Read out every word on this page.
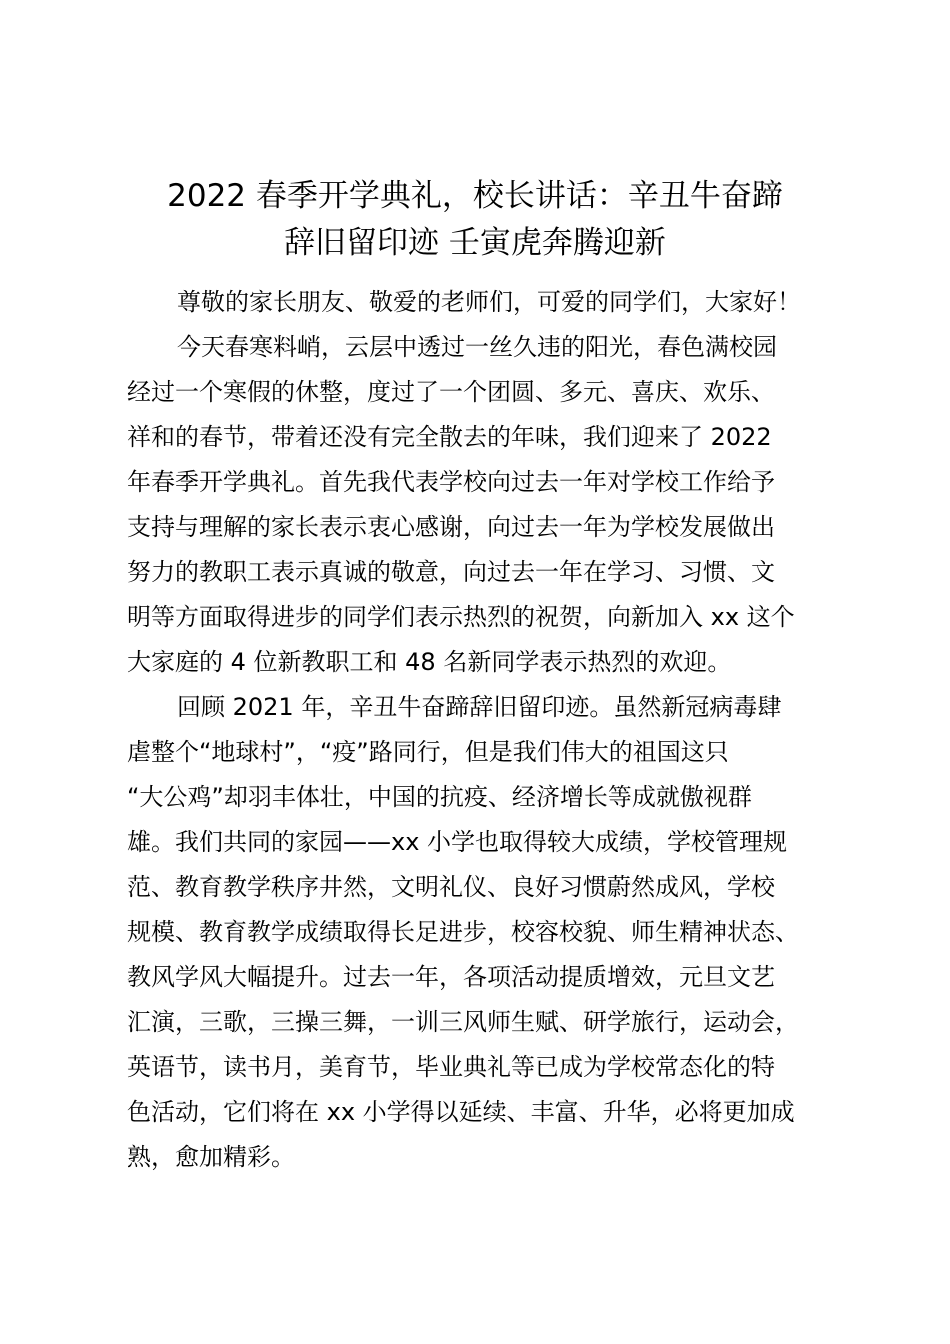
2022 春季开学典礼，校长讲话：辛丑牛奋蹄
辞旧留印迹 壬寅虎奔腾迎新

尊敬的家长朋友、敬爱的老师们，可爱的同学们，大家好！

今天春寒料峭，云层中透过一丝久违的阳光，春色满校园

经过一个寒假的休整，度过了一个团圆、多元、喜庆、欢乐、

祥和的春节，带着还没有完全散去的年味，我们迎来了 2022

年春季开学典礼。首先我代表学校向过去一年对学校工作给予

支持与理解的家长表示衷心感谢，向过去一年为学校发展做出

努力的教职工表示真诚的敬意，向过去一年在学习、习惯、文

明等方面取得进步的同学们表示热烈的祝贺，向新加入 xx 这个

大家庭的 4 位新教职工和 48 名新同学表示热烈的欢迎。

回顾 2021 年，辛丑牛奋蹄辞旧留印迹。虽然新冠病毒肆

虐整个“地球村”，“疫”路同行，但是我们伟大的祖国这只

“大公鸡”却羽丰体壮，中国的抗疫、经济增长等成就傲视群

雄。我们共同的家园——xx 小学也取得较大成绩，学校管理规

范、教育教学秩序井然，文明礼仪、良好习惯蔚然成风，学校

规模、教育教学成绩取得长足进步，校容校貌、师生精神状态、

教风学风大幅提升。过去一年，各项活动提质增效，元旦文艺

汇演，三歌，三操三舞，一训三风师生赋、研学旅行，运动会，

英语节，读书月，美育节，毕业典礼等已成为学校常态化的特

色活动，它们将在 xx 小学得以延续、丰富、升华，必将更加成

熟，愈加精彩。
